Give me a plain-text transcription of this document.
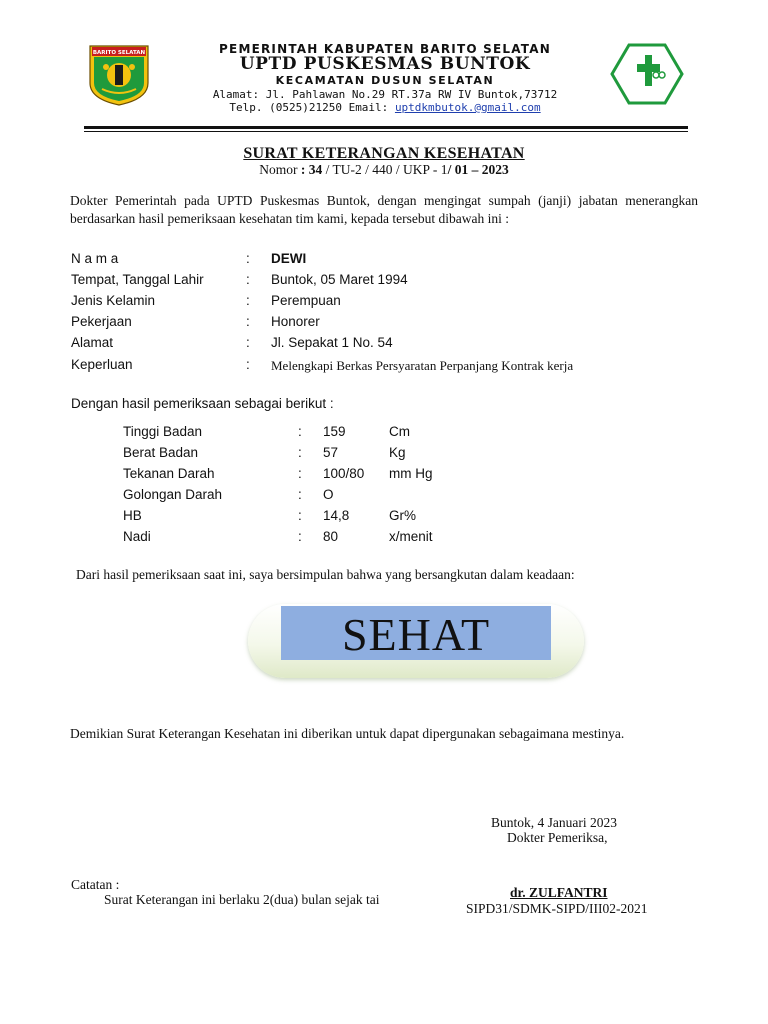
BARITO SELATAN	PEMERINTAH KABUPATEN BARITO SELATAN
UPTD PUSKESMAS BUNTOK
KECAMATAN DUSUN SELATAN
Alamat: Jl. Pahlawan No.29 RT.37a RW IV Buntok,73712
Telp. (0525)21250 Email: uptdkmbutok.@gmail.com
SURAT KETERANGAN KESEHATAN
Nomor : 34 / TU-2 / 440 / UKP - 1/ 01 – 2023
Dokter Pemerintah pada UPTD Puskesmas Buntok, dengan mengingat sumpah (janji) jabatan menerangkan berdasarkan hasil pemeriksaan kesehatan tim kami, kepada tersebut dibawah ini :
N a m a	: DEWI
Tempat, Tanggal Lahir	: Buntok, 05 Maret 1994
Jenis Kelamin	: Perempuan
Pekerjaan	: Honorer
Alamat	: Jl. Sepakat 1 No. 54
Keperluan	: Melengkapi Berkas Persyaratan Perpanjang Kontrak kerja
Dengan hasil pemeriksaan sebagai berikut :
Tinggi Badan	: 159	Cm
Berat Badan	: 57	Kg
Tekanan Darah	: 100/80 mm Hg
Golongan Darah	: O
HB	: 14,8	Gr%
Nadi	: 80	x/menit
Dari hasil pemeriksaan saat ini, saya bersimpulan bahwa yang bersangkutan dalam keadaan:
SEHAT
Demikian Surat Keterangan Kesehatan ini diberikan untuk dapat dipergunakan sebagaimana mestinya.
Buntok, 4 Januari 2023
Dokter Pemeriksa,
dr. ZULFANTRI
SIPD31/SDMK-SIPD/III02-2021
Catatan :
Surat Keterangan ini berlaku 2(dua) bulan sejak tai
